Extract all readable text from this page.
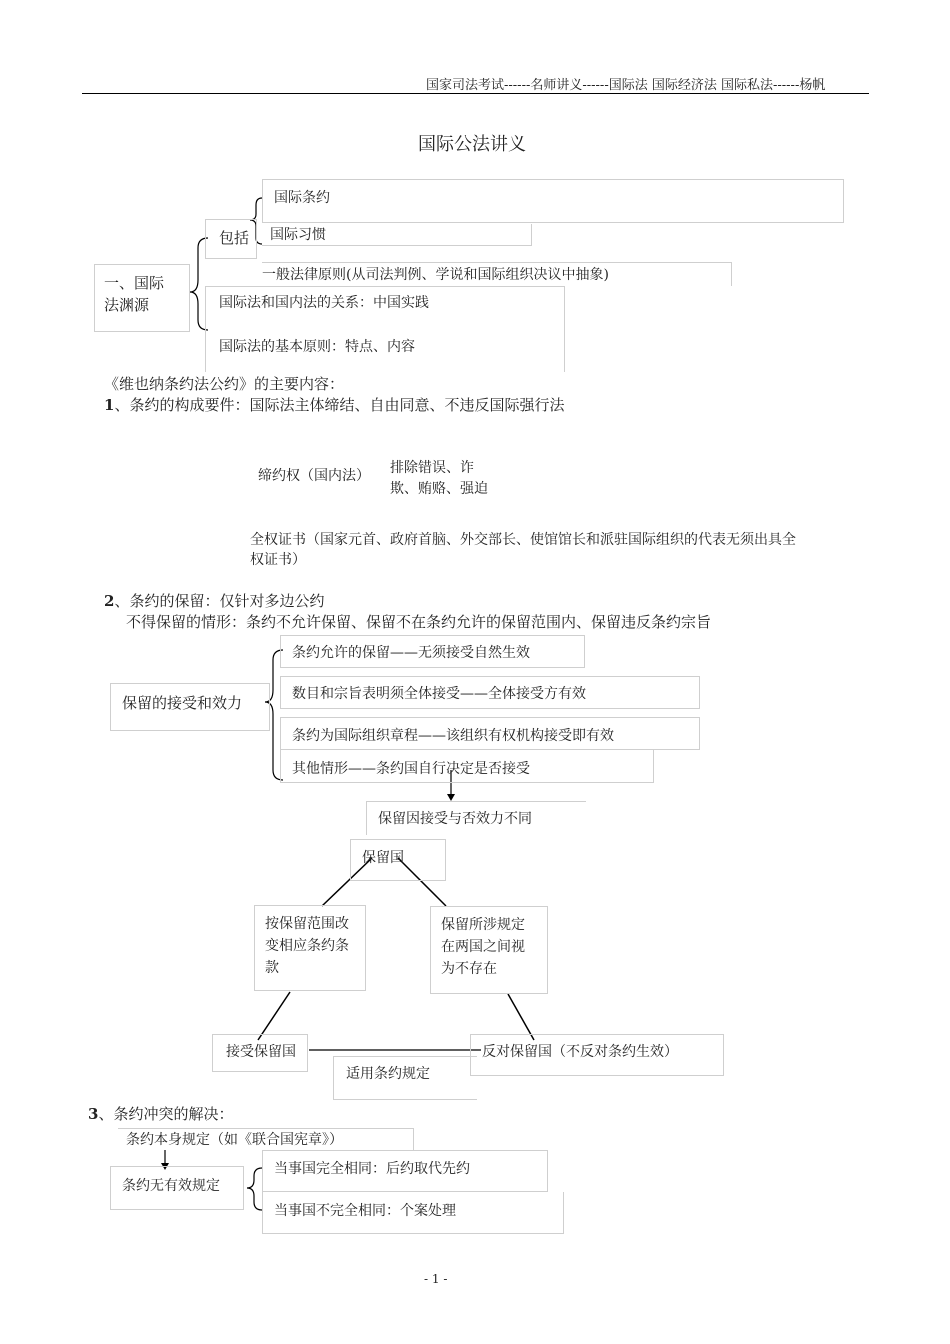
国家司法考试------名师讲义------国际法 国际经济法 国际私法------杨帆
国际公法讲义
一、国际法渊源
包括
国际条约
国际习惯
一般法律原则(从司法判例、学说和国际组织决议中抽象)
国际法和国内法的关系：中国实践
国际法的基本原则：特点、内容
《维也纳条约法公约》的主要内容：
1、条约的构成要件：国际法主体缔结、自由同意、不违反国际强行法
缔约权（国内法） 排除错误、诈欺、贿赂、强迫
全权证书（国家元首、政府首脑、外交部长、使馆馆长和派驻国际组织的代表无须出具全权证书）
2、条约的保留：仅针对多边公约
不得保留的情形：条约不允许保留、保留不在条约允许的保留范围内、保留违反条约宗旨
保留的接受和效力
条约允许的保留——无须接受自然生效
数目和宗旨表明须全体接受——全体接受方有效
条约为国际组织章程——该组织有权机构接受即有效
其他情形——条约国自行决定是否接受
保留因接受与否效力不同
保留国
按保留范围改变相应条约条款
保留所涉规定在两国之间视为不存在
接受保留国	反对保留国（不反对条约生效）
适用条约规定
3、条约冲突的解决：
条约本身规定（如《联合国宪章》）
条约无有效规定
当事国完全相同：后约取代先约
当事国不完全相同：个案处理
- 1 -
